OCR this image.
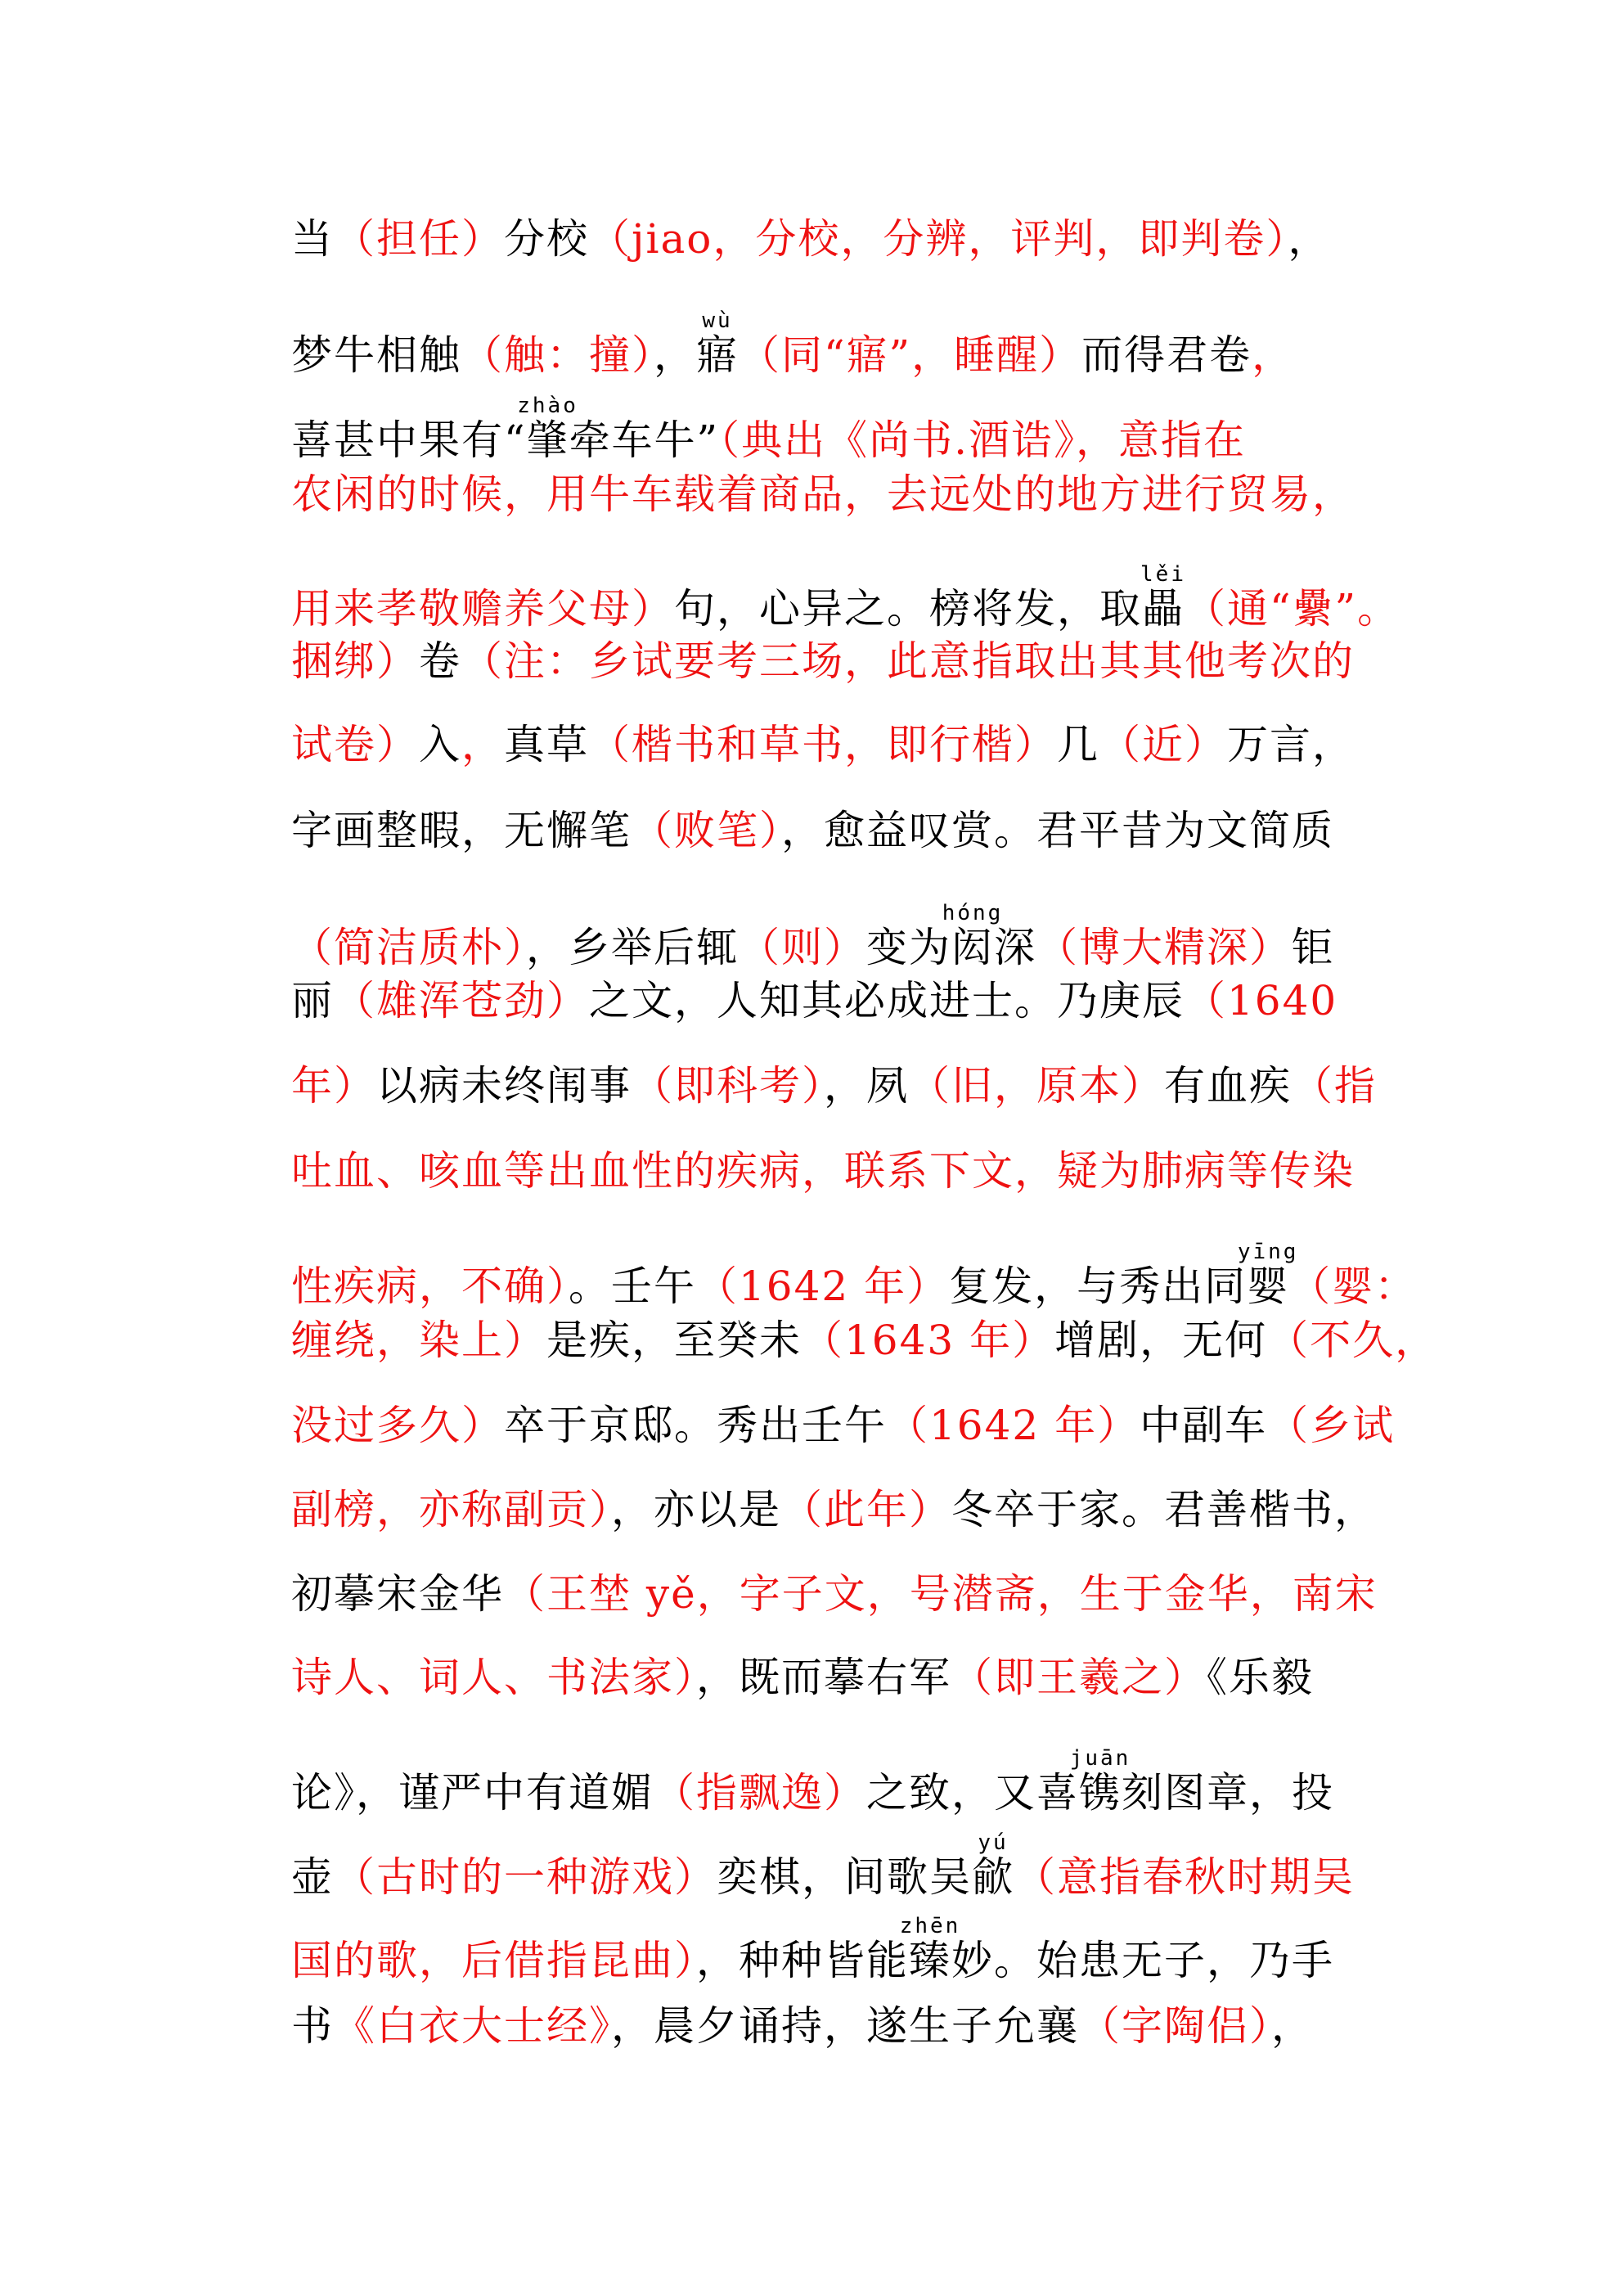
当（担任）分校（jiao，分校，分辨，评判，即判卷），
梦牛相触（触：撞），寤wù（同“寤”，睡醒）而得君卷，
喜甚中果有“肇zhào牵车牛”（典出《尚书.酒诰》，意指在
农闲的时候，用牛车载着商品，去远处的地方进行贸易，
用来孝敬赡养父母）句，心异之。榜将发，取畾lěi（通“纍”。
捆绑）卷（注：乡试要考三场，此意指取出其其他考次的
试卷）入，真草（楷书和草书，即行楷）几（近）万言，
字画整暇，无懈笔（败笔），愈益叹赏。君平昔为文简质
（简洁质朴），乡举后辄（则）变为闳hóng深（博大精深）钜
丽（雄浑苍劲）之文，人知其必成进士。乃庚辰（1640
年）以病未终闱事（即科考），夙（旧，原本）有血疾（指
吐血、咳血等出血性的疾病，联系下文，疑为肺病等传染
性疾病，不确）。壬午（1642 年）复发，与秀出同婴yīng（婴：
缠绕，染上）是疾，至癸未（1643 年）增剧，无何（不久，
没过多久）卒于京邸。秀出壬午（1642 年）中副车（乡试
副榜，亦称副贡），亦以是（此年）冬卒于家。君善楷书，
初摹宋金华（王埜 yě，字子文，号潜斋，生于金华，南宋
诗人、词人、书法家），既而摹右军（即王羲之）《乐毅
论》，谨严中有道媚（指飘逸）之致，又喜镌juān刻图章，投
壶（古时的一种游戏）奕棋，间歌吴歈yú（意指春秋时期吴
国的歌，后借指昆曲），种种皆能臻zhēn妙。始患无子，乃手
书《白衣大士经》，晨夕诵持，遂生子允襄（字陶侣），
